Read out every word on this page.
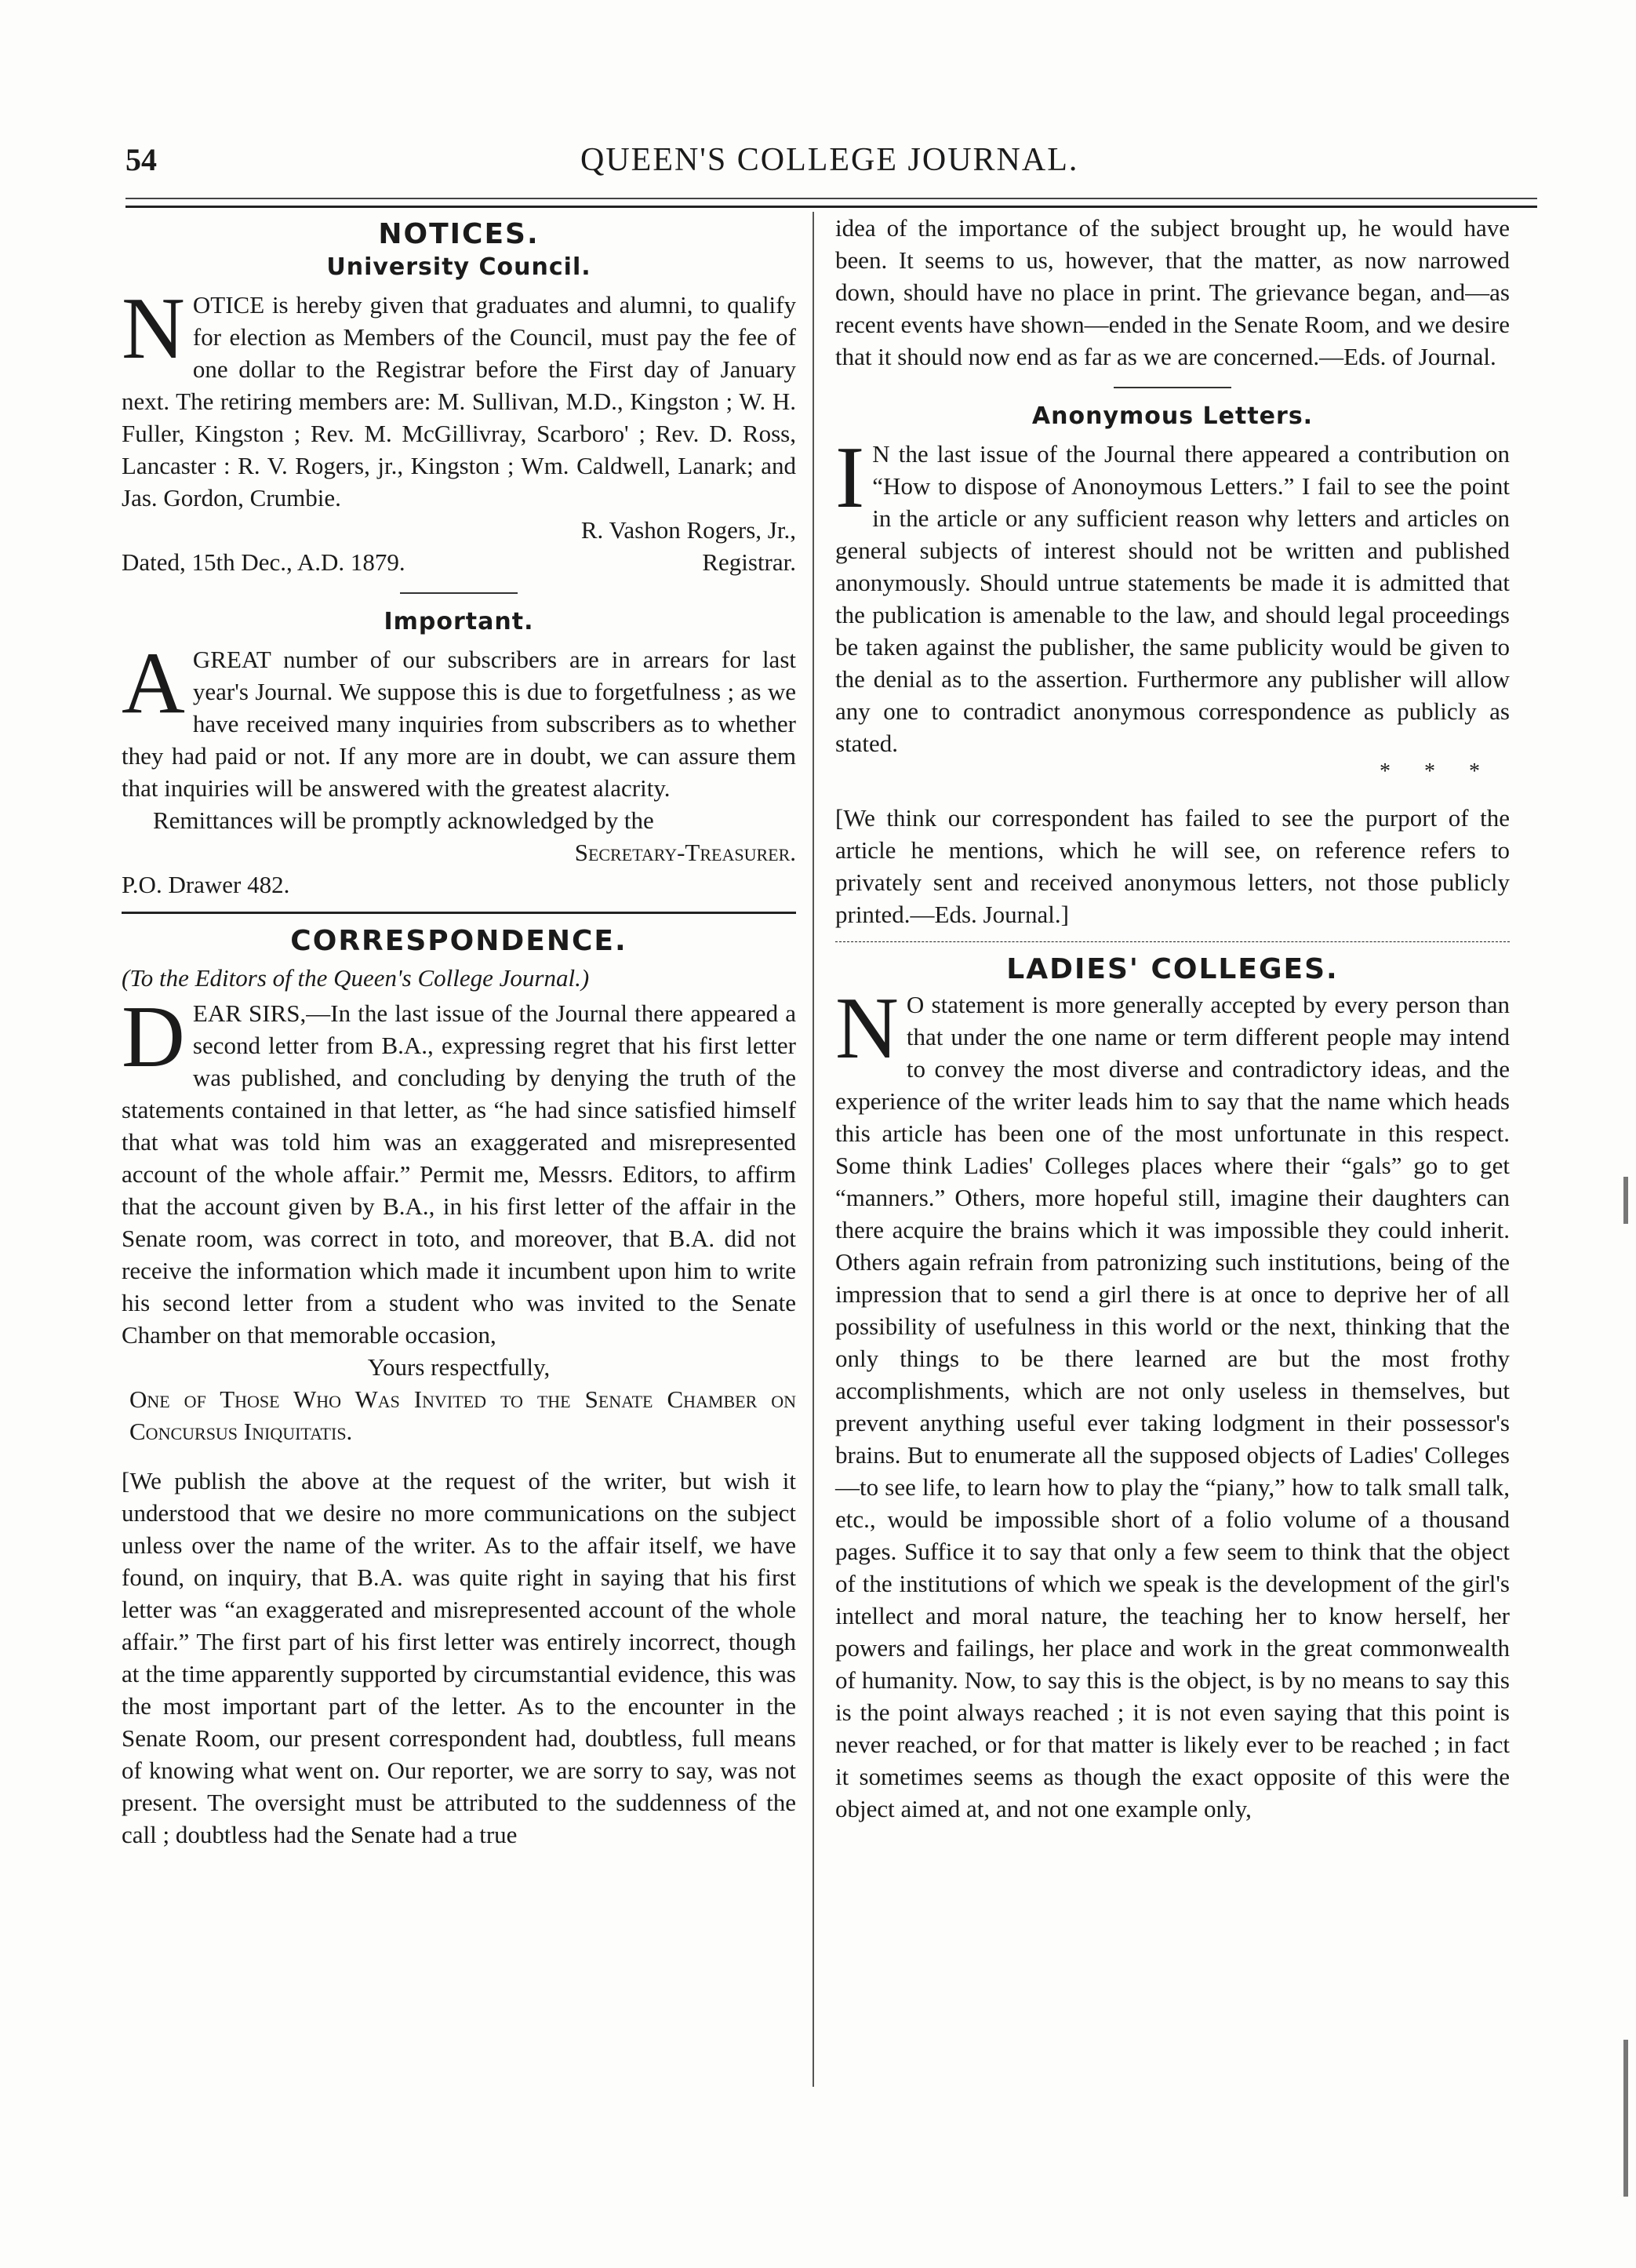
54	QUEEN'S COLLEGE JOURNAL.
NOTICES.
University Council.

NOTICE is hereby given that graduates and alumni, to qualify for election as Members of the Council, must pay the fee of one dollar to the Registrar before the First day of January next. The retiring members are: M. Sullivan, M.D., Kingston ; W. H. Fuller, Kingston ; Rev. M. McGillivray, Scarboro' ; Rev. D. Ross, Lancaster : R. V. Rogers, jr., Kingston ; Wm. Caldwell, Lanark; and Jas. Gordon, Crumbie.

R. Vashon Rogers, Jr.,

Dated, 15th Dec., A.D. 1879.	Registrar.
Important.

AGREAT number of our subscribers are in arrears for last year's Journal. We suppose this is due to forgetfulness ; as we have received many inquiries from subscribers as to whether they had paid or not. If any more are in doubt, we can assure them that inquiries will be answered with the greatest alacrity.

Remittances will be promptly acknowledged by the

Secretary-Treasurer.

P.O. Drawer 482.

CORRESPONDENCE.
(To the Editors of the Queen's College Journal.)

DEAR SIRS,—In the last issue of the Journal there appeared a second letter from B.A., expressing regret that his first letter was published, and concluding by denying the truth of the statements contained in that letter, as “he had since satisfied himself that what was told him was an exaggerated and misrepresented account of the whole affair.” Permit me, Messrs. Editors, to affirm that the account given by B.A., in his first letter of the affair in the Senate room, was correct in toto, and moreover, that B.A. did not receive the information which made it incumbent upon him to write his second letter from a student who was invited to the Senate Chamber on that memorable occasion,

Yours respectfully,

One of Those Who Was Invited to the Senate Chamber on Concursus Iniquitatis.

[We publish the above at the request of the writer, but wish it understood that we desire no more communications on the subject unless over the name of the writer. As to the affair itself, we have found, on inquiry, that B.A. was quite right in saying that his first letter was “an exaggerated and misrepresented account of the whole affair.” The first part of his first letter was entirely incorrect, though at the time apparently supported by circumstantial evidence, this was the most important part of the letter. As to the encounter in the Senate Room, our present correspondent had, doubtless, full means of knowing what went on. Our reporter, we are sorry to say, was not present. The oversight must be attributed to the suddenness of the call ; doubtless had the Senate had a true

idea of the importance of the subject brought up, he would have been. It seems to us, however, that the matter, as now narrowed down, should have no place in print. The grievance began, and—as recent events have shown—ended in the Senate Room, and we desire that it should now end as far as we are concerned.—Eds. of Journal.

Anonymous Letters.

IN the last issue of the Journal there appeared a contribution on “How to dispose of Anonoymous Letters.” I fail to see the point in the article or any sufficient reason why letters and articles on general subjects of interest should not be written and published anonymously. Should untrue statements be made it is admitted that the publication is amenable to the law, and should legal proceedings be taken against the publisher, the same publicity would be given to the denial as to the assertion. Furthermore any publisher will allow any one to contradict anonymous correspondence as publicly as stated.

* * *

[We think our correspondent has failed to see the purport of the article he mentions, which he will see, on reference refers to privately sent and received anonymous letters, not those publicly printed.—Eds. Journal.]

LADIES' COLLEGES.

NO statement is more generally accepted by every person than that under the one name or term different people may intend to convey the most diverse and contradictory ideas, and the experience of the writer leads him to say that the name which heads this article has been one of the most unfortunate in this respect. Some think Ladies' Colleges places where their “gals” go to get “manners.” Others, more hopeful still, imagine their daughters can there acquire the brains which it was impossible they could inherit. Others again refrain from patronizing such institutions, being of the impression that to send a girl there is at once to deprive her of all possibility of usefulness in this world or the next, thinking that the only things to be there learned are but the most frothy accomplishments, which are not only useless in themselves, but prevent anything useful ever taking lodgment in their possessor's brains. But to enumerate all the supposed objects of Ladies' Colleges—to see life, to learn how to play the “piany,” how to talk small talk, etc., would be impossible short of a folio volume of a thousand pages. Suffice it to say that only a few seem to think that the object of the institutions of which we speak is the development of the girl's intellect and moral nature, the teaching her to know herself, her powers and failings, her place and work in the great commonwealth of humanity. Now, to say this is the object, is by no means to say this is the point always reached ; it is not even saying that this point is never reached, or for that matter is likely ever to be reached ; in fact it sometimes seems as though the exact opposite of this were the object aimed at, and not one example only,
